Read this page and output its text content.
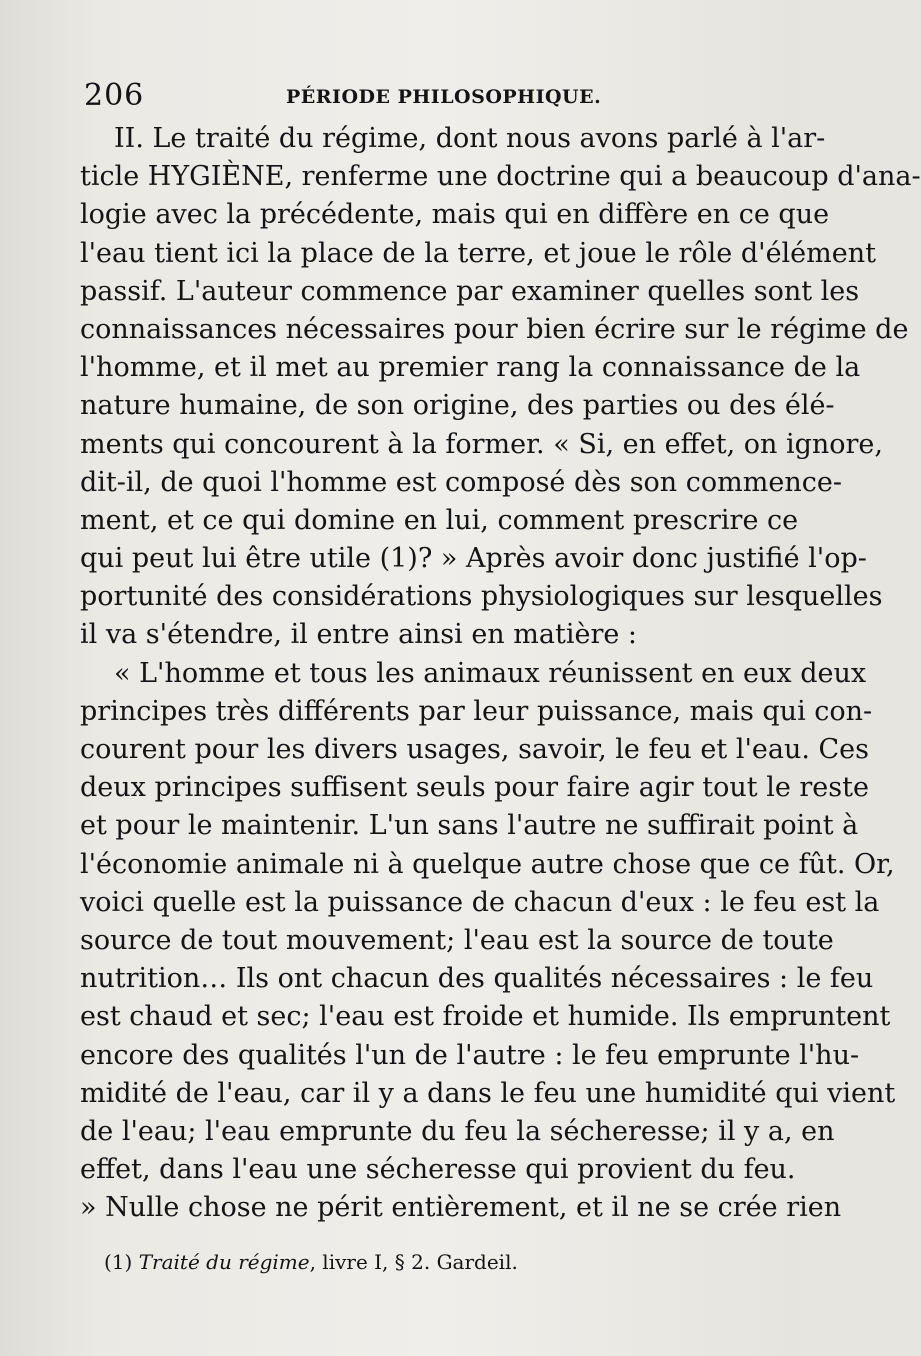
206	PÉRIODE PHILOSOPHIQUE.
II. Le traité du régime, dont nous avons parlé à l'ar-
ticle HYGIÈNE, renferme une doctrine qui a beaucoup d'ana-
logie avec la précédente, mais qui en diffère en ce que
l'eau tient ici la place de la terre, et joue le rôle d'élément
passif. L'auteur commence par examiner quelles sont les
connaissances nécessaires pour bien écrire sur le régime de
l'homme, et il met au premier rang la connaissance de la
nature humaine, de son origine, des parties ou des élé-
ments qui concourent à la former. « Si, en effet, on ignore,
dit-il, de quoi l'homme est composé dès son commence-
ment, et ce qui domine en lui, comment prescrire ce
qui peut lui être utile (1)? » Après avoir donc justifié l'op-
portunité des considérations physiologiques sur lesquelles
il va s'étendre, il entre ainsi en matière :
« L'homme et tous les animaux réunissent en eux deux
principes très différents par leur puissance, mais qui con-
courent pour les divers usages, savoir, le feu et l'eau. Ces
deux principes suffisent seuls pour faire agir tout le reste
et pour le maintenir. L'un sans l'autre ne suffirait point à
l'économie animale ni à quelque autre chose que ce fût. Or,
voici quelle est la puissance de chacun d'eux : le feu est la
source de tout mouvement; l'eau est la source de toute
nutrition… Ils ont chacun des qualités nécessaires : le feu
est chaud et sec; l'eau est froide et humide. Ils empruntent
encore des qualités l'un de l'autre : le feu emprunte l'hu-
midité de l'eau, car il y a dans le feu une humidité qui vient
de l'eau; l'eau emprunte du feu la sécheresse; il y a, en
effet, dans l'eau une sécheresse qui provient du feu.
» Nulle chose ne périt entièrement, et il ne se crée rien
(1) Traité du régime, livre I, § 2. Gardeil.
